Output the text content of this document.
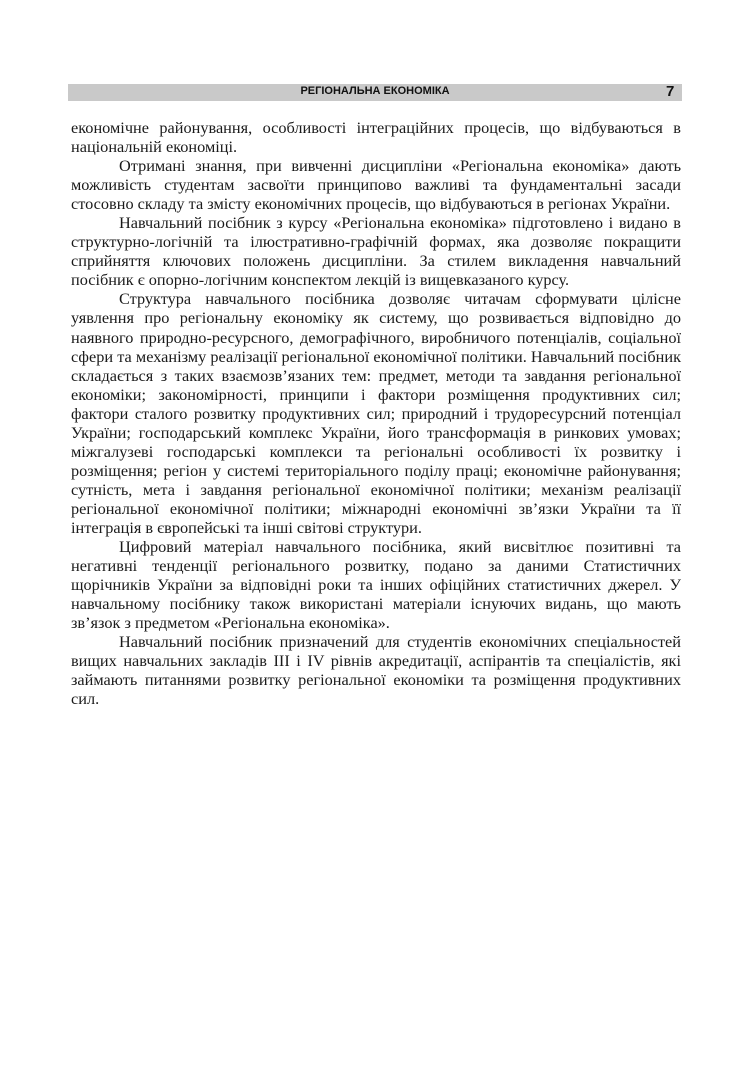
РЕГІОНАЛЬНА ЕКОНОМІКА	7

економічне районування, особливості інтеграційних процесів, що відбуваються в національній економіці.

Отримані знання, при вивченні дисципліни «Регіональна економіка» дають можливість студентам засвоїти принципово важливі та фундаментальні засади стосовно складу та змісту економічних процесів, що відбуваються в регіонах України.

Навчальний посібник з курсу «Регіональна економіка» підготовлено і видано в структурно-логічній та ілюстративно-графічній формах, яка дозволяє покращити сприйняття ключових положень дисципліни. За стилем викладення навчальний посібник є опорно-логічним конспектом лекцій із вищевказаного курсу.

Структура навчального посібника дозволяє читачам сформувати цілісне уявлення про регіональну економіку як систему, що розвивається відповідно до наявного природно-ресурсного, демографічного, виробничого потенціалів, соціальної сфери та механізму реалізації регіональної економічної політики. Навчальний посібник складається з таких взаємозв’язаних тем: предмет, методи та завдання регіональної економіки; закономірності, принципи і фактори розміщення продуктивних сил; фактори сталого розвитку продуктивних сил; природний і трудоресурсний потенціал України; господарський комплекс України, його трансформація в ринкових умовах; міжгалузеві господарські комплекси та регіональні особливості їх розвитку і розміщення; регіон у системі територіального поділу праці; економічне районування; сутність, мета і завдання регіональної економічної політики; механізм реалізації регіональної економічної політики; міжнародні економічні зв’язки України та її інтеграція в європейські та інші світові структури.

Цифровий матеріал навчального посібника, який висвітлює позитивні та негативні тенденції регіонального розвитку, подано за даними Статистичних щорічників України за відповідні роки та інших офіційних статистичних джерел. У навчальному посібнику також використані матеріали існуючих видань, що мають зв’язок з предметом «Регіональна економіка».

Навчальний посібник призначений для студентів економічних спеціальностей вищих навчальних закладів III і IV рівнів акредитації, аспірантів та спеціалістів, які займають питаннями розвитку регіональної економіки та розміщення продуктивних сил.
